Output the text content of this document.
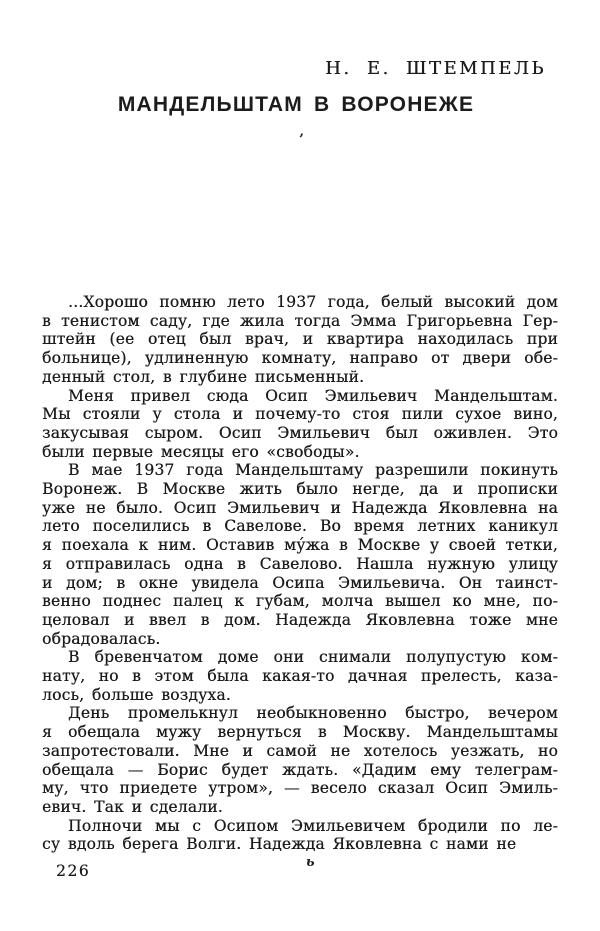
Н. Е. ШТЕМПЕЛЬ
МАНДЕЛЬШТАМ В ВОРОНЕЖЕ
’
...Хорошо помню лето 1937 года, белый высокий дом
в тенистом саду, где жила тогда Эмма Григорьевна Гер-
штейн (ее отец был врач, и квартира находилась при
больнице), удлиненную комнату, направо от двери обе-
денный стол, в глубине письменный.
Меня привел сюда Осип Эмильевич Мандельштам.
Мы стояли у стола и почему-то стоя пили сухое вино,
закусывая сыром. Осип Эмильевич был оживлен. Это
были первые месяцы его «свободы».
В мае 1937 года Мандельштаму разрешили покинуть
Воронеж. В Москве жить было негде, да и прописки
уже не было. Осип Эмильевич и Надежда Яковлевна на
лето поселились в Савелове. Во время летних каникул
я поехала к ним. Оставив му́жа в Москве у своей тетки,
я отправилась одна в Савелово. Нашла нужную улицу
и дом; в окне увидела Осипа Эмильевича. Он таинст-
венно поднес палец к губам, молча вышел ко мне, по-
целовал и ввел в дом. Надежда Яковлевна тоже мне
обрадовалась.
В бревенчатом доме они снимали полупустую ком-
нату, но в этом была какая-то дачная прелесть, каза-
лось, больше воздуха.
День промелькнул необыкновенно быстро, вечером
я обещала мужу вернуться в Москву. Мандельштамы
запротестовали. Мне и самой не хотелось уезжать, но
обещала — Борис будет ждать. «Дадим ему телеграм-
му, что приедете утром», — весело сказал Осип Эмиль-
евич. Так и сделали.
Полночи мы с Осипом Эмильевичем бродили по ле-
су вдоль берега Волги. Надежда Яковлевна с нами не
ь
226
